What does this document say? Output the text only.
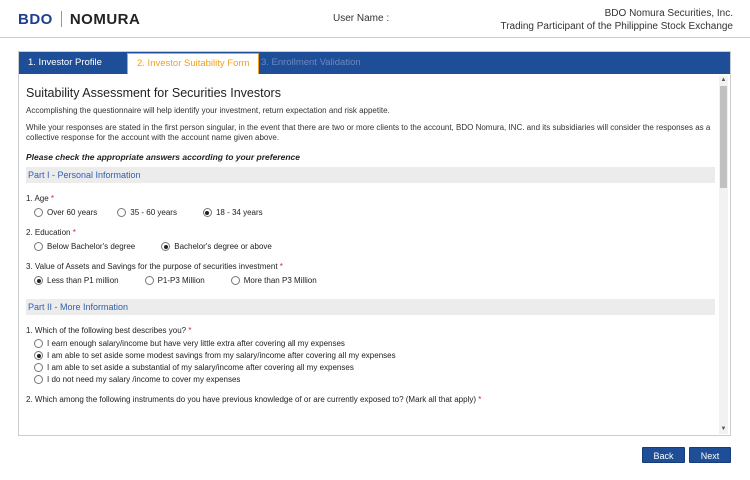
BDO NOMURA	User Name :	BDO Nomura Securities, Inc.
Trading Participant of the Philippine Stock Exchange
1. Investor Profile	2. Investor Suitability Form	3. Enrollment Validation
Suitability Assessment for Securities Investors
Accomplishing the questionnaire will help identify your investment, return expectation and risk appetite.
While your responses are stated in the first person singular, in the event that there are two or more clients to the account, BDO Nomura, INC. and its subsidiaries will consider the responses as a collective response for the account with the account name given above.
Please check the appropriate answers according to your preference
Part I - Personal Information
1. Age *
Over 60 years	35 - 60 years	18 - 34 years
2. Education *
Below Bachelor's degree	Bachelor's degree or above
3. Value of Assets and Savings for the purpose of securities investment *
Less than P1 million	P1-P3 Million	More than P3 Million
Part II - More Information
1. Which of the following best describes you? *
I earn enough salary/income but have very little extra after covering all my expenses
I am able to set aside some modest savings from my salary/income after covering all my expenses
I am able to set aside a substantial of my salary/income after covering all my expenses
I do not need my salary /income to cover my expenses
2. Which among the following instruments do you have previous knowledge of or are currently exposed to? (Mark all that apply) *
▲
▼
Back	Next
